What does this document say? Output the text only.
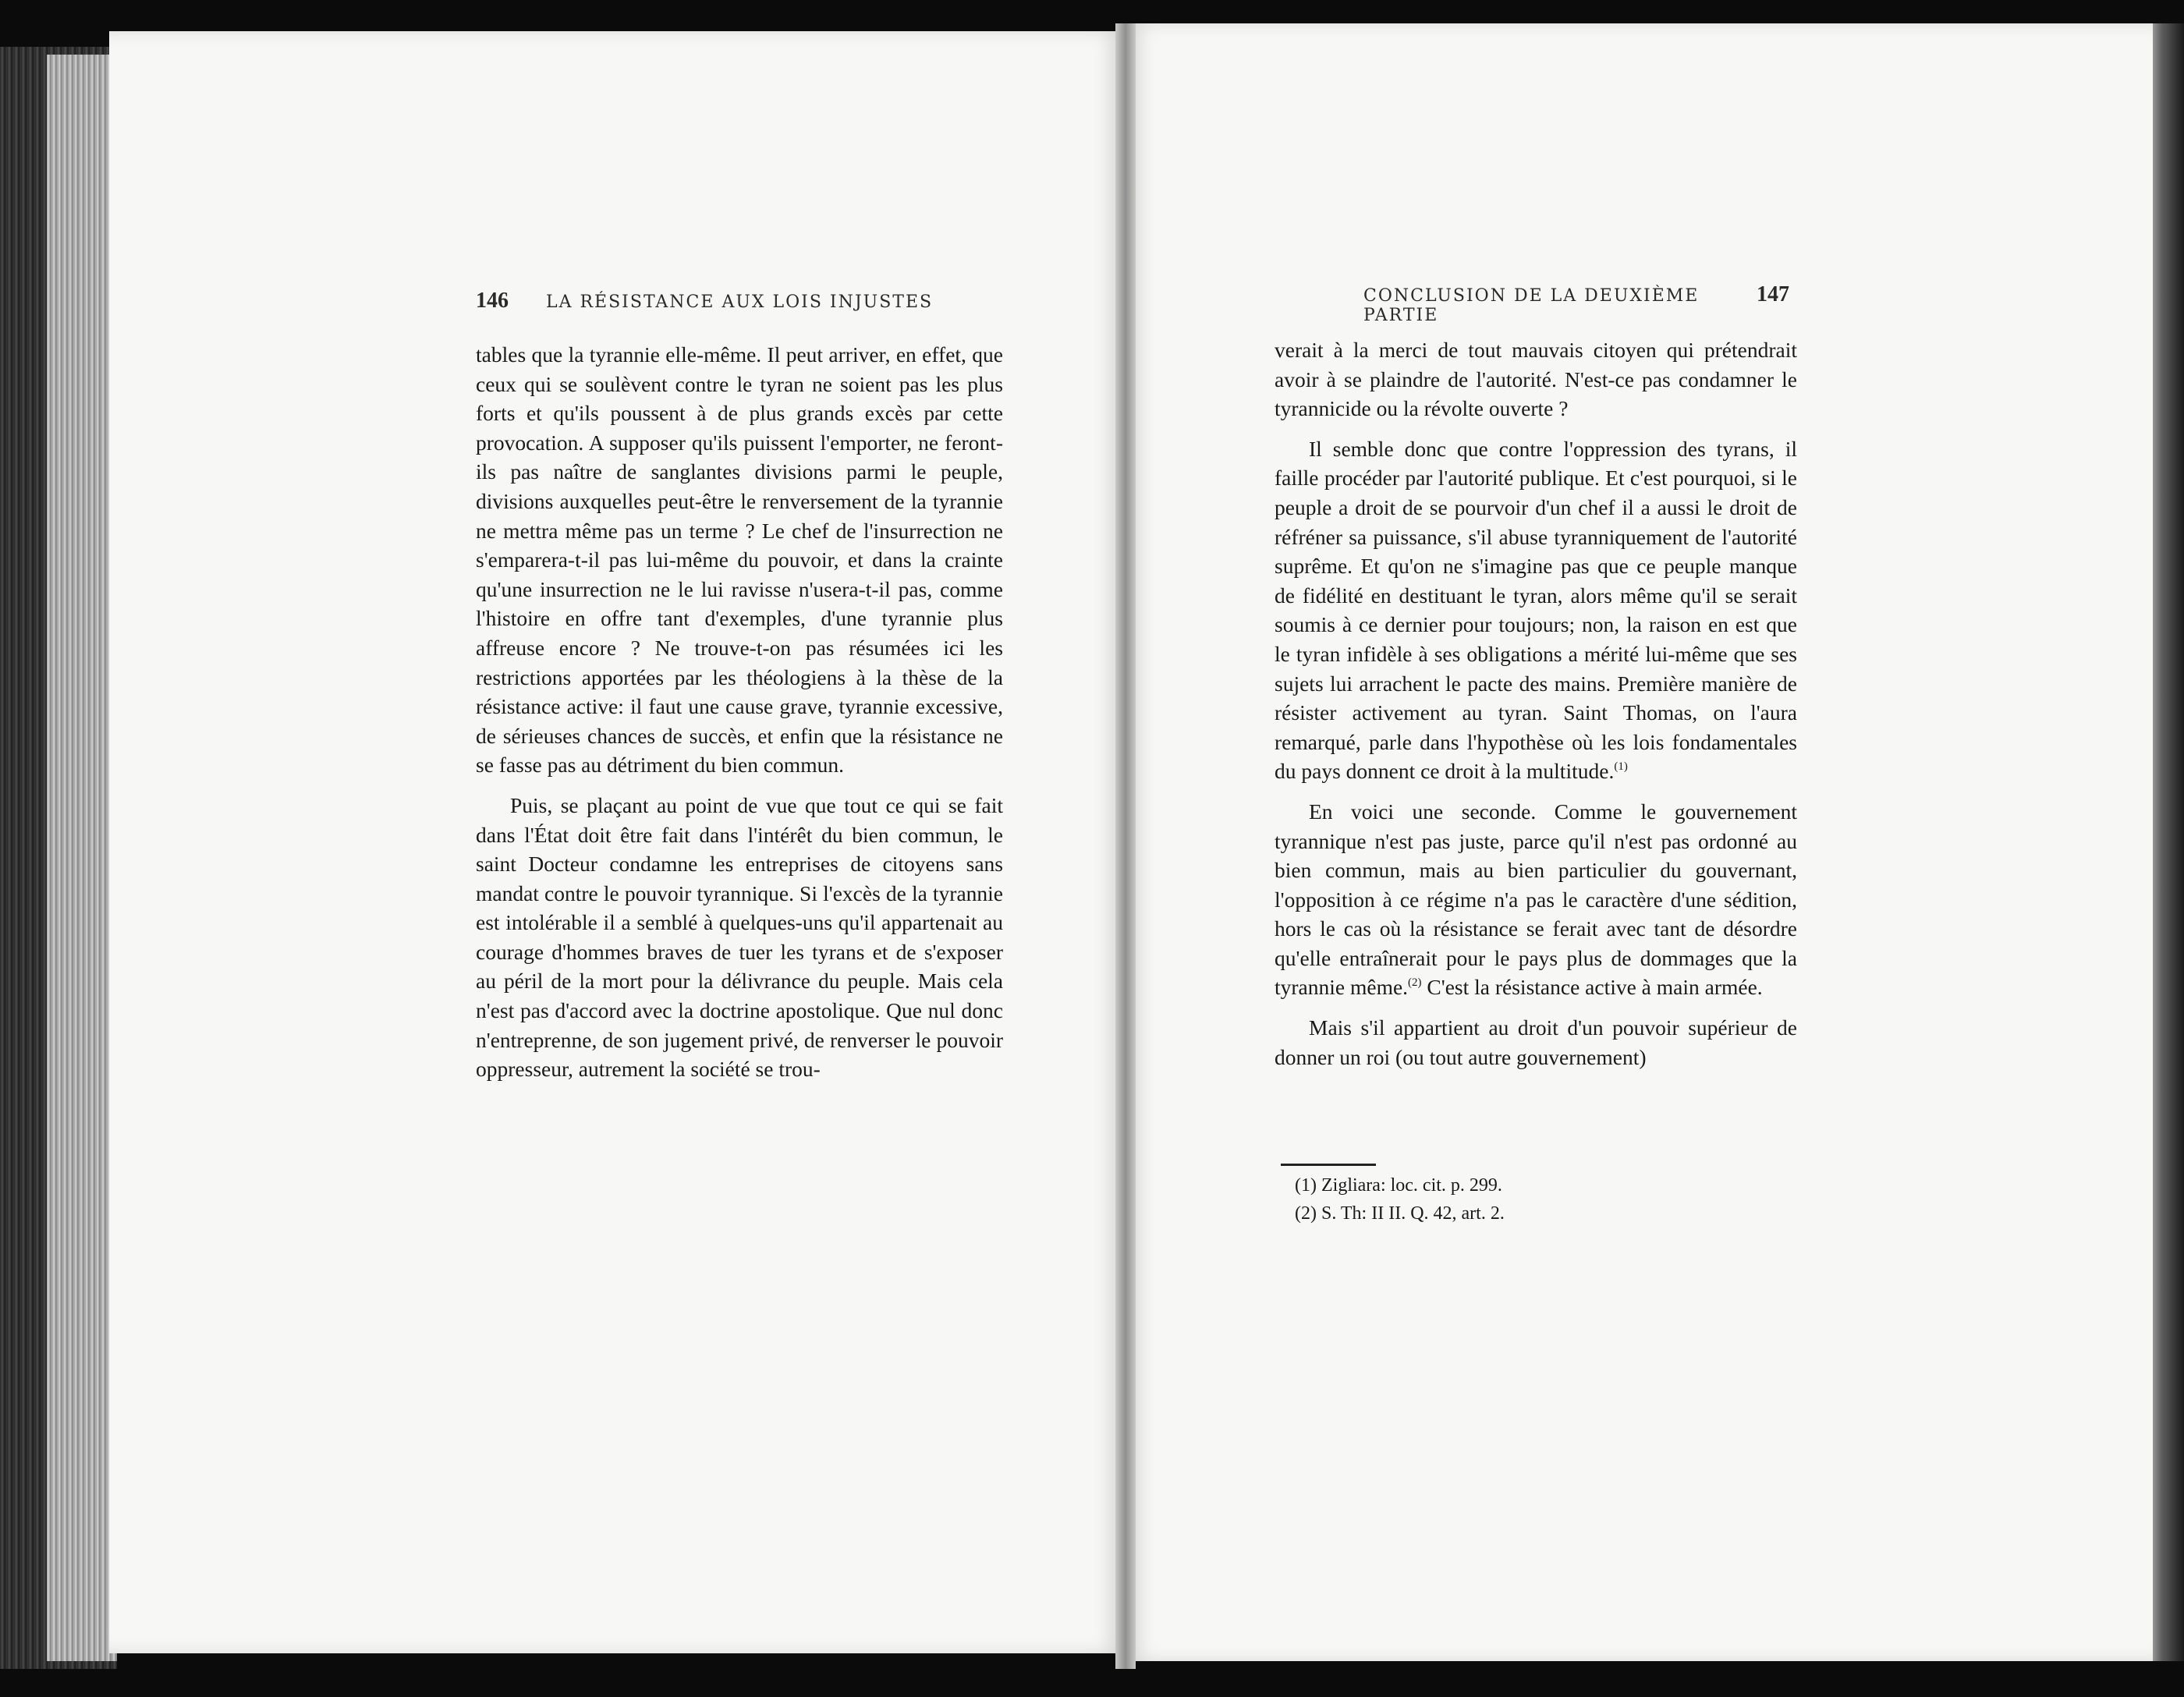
146 LA RÉSISTANCE AUX LOIS INJUSTES

tables que la tyrannie elle-même. Il peut arriver, en effet, que ceux qui se soulèvent contre le tyran ne soient pas les plus forts et qu'ils poussent à de plus grands excès par cette provocation. A supposer qu'ils puissent l'emporter, ne feront-ils pas naître de sanglantes divisions parmi le peuple, divisions auxquelles peut-être le renversement de la tyrannie ne mettra même pas un terme ? Le chef de l'insurrection ne s'emparera-t-il pas lui-même du pouvoir, et dans la crainte qu'une insurrection ne le lui ravisse n'usera-t-il pas, comme l'histoire en offre tant d'exemples, d'une tyrannie plus affreuse encore ? Ne trouve-t-on pas résumées ici les restrictions apportées par les théologiens à la thèse de la résistance active: il faut une cause grave, tyrannie excessive, de sérieuses chances de succès, et enfin que la résistance ne se fasse pas au détriment du bien commun.

Puis, se plaçant au point de vue que tout ce qui se fait dans l'État doit être fait dans l'intérêt du bien commun, le saint Docteur condamne les entreprises de citoyens sans mandat contre le pouvoir tyrannique. Si l'excès de la tyrannie est intolérable il a semblé à quelques-uns qu'il appartenait au courage d'hommes braves de tuer les tyrans et de s'exposer au péril de la mort pour la délivrance du peuple. Mais cela n'est pas d'accord avec la doctrine apostolique. Que nul donc n'entreprenne, de son jugement privé, de renverser le pouvoir oppresseur, autrement la société se trou-

CONCLUSION DE LA DEUXIÈME PARTIE
147

verait à la merci de tout mauvais citoyen qui prétendrait avoir à se plaindre de l'autorité. N'est-ce pas condamner le tyrannicide ou la révolte ouverte ?

Il semble donc que contre l'oppression des tyrans, il faille procéder par l'autorité publique. Et c'est pourquoi, si le peuple a droit de se pourvoir d'un chef il a aussi le droit de réfréner sa puissance, s'il abuse tyranniquement de l'autorité suprême. Et qu'on ne s'imagine pas que ce peuple manque de fidélité en destituant le tyran, alors même qu'il se serait soumis à ce dernier pour toujours; non, la raison en est que le tyran infidèle à ses obligations a mérité lui-même que ses sujets lui arrachent le pacte des mains. Première manière de résister activement au tyran. Saint Thomas, on l'aura remarqué, parle dans l'hypothèse où les lois fondamentales du pays donnent ce droit à la multitude.$^{(1)}$

En voici une seconde. Comme le gouvernement tyrannique n'est pas juste, parce qu'il n'est pas ordonné au bien commun, mais au bien particulier du gouvernant, l'opposition à ce régime n'a pas le caractère d'une sédition, hors le cas où la résistance se ferait avec tant de désordre qu'elle entraînerait pour le pays plus de dommages que la tyrannie même.$^{(2)}$ C'est la résistance active à main armée.

Mais s'il appartient au droit d'un pouvoir supérieur de donner un roi (ou tout autre gouvernement)

(1) Zigliara: loc. cit. p. 299.

(2) S. Th: II II. Q. 42, art. 2.
